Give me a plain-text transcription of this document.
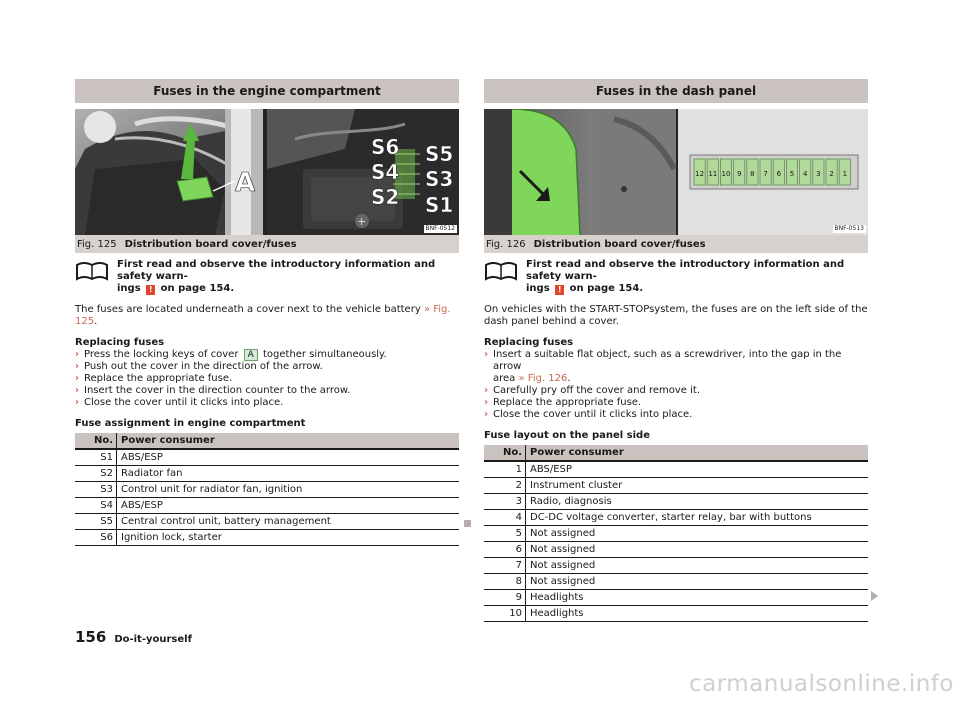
Fuses in the engine compartment
A
+
S6 S5
S4 S3
S2 S1
BNF-0512
Fig. 125 Distribution board cover/fuses
First read and observe the introductory information and safety warn-
ings ! on page 154.
The fuses are located underneath a cover next to the vehicle battery » Fig. 125.
Replacing fuses
› Press the locking keys of cover A together simultaneously.
› Push out the cover in the direction of the arrow.
› Replace the appropriate fuse.
› Insert the cover in the direction counter to the arrow.
› Close the cover until it clicks into place.
Fuse assignment in engine compartment
No.	Power consumer
S1	ABS/ESP
S2	Radiator fan
S3	Control unit for radiator fan, ignition
S4	ABS/ESP
S5	Central control unit, battery management
S6	Ignition lock, starter
Fuses in the dash panel
12 11 10 9 8 7 6 5 4 3 2 1
BNF-0513
Fig. 126 Distribution board cover/fuses
First read and observe the introductory information and safety warn-
ings ! on page 154.
On vehicles with the START-STOPsystem, the fuses are on the left side of the
dash panel behind a cover.
Replacing fuses
› Insert a suitable flat object, such as a screwdriver, into the gap in the arrow
area » Fig. 126.
› Carefully pry off the cover and remove it.
› Replace the appropriate fuse.
› Close the cover until it clicks into place.
Fuse layout on the panel side
No.	Power consumer
1	ABS/ESP
2	Instrument cluster
3	Radio, diagnosis
4	DC-DC voltage converter, starter relay, bar with buttons
5	Not assigned
6	Not assigned
7	Not assigned
8	Not assigned
9	Headlights
10	Headlights
156 Do-it-yourself
carmanualsonline.info
